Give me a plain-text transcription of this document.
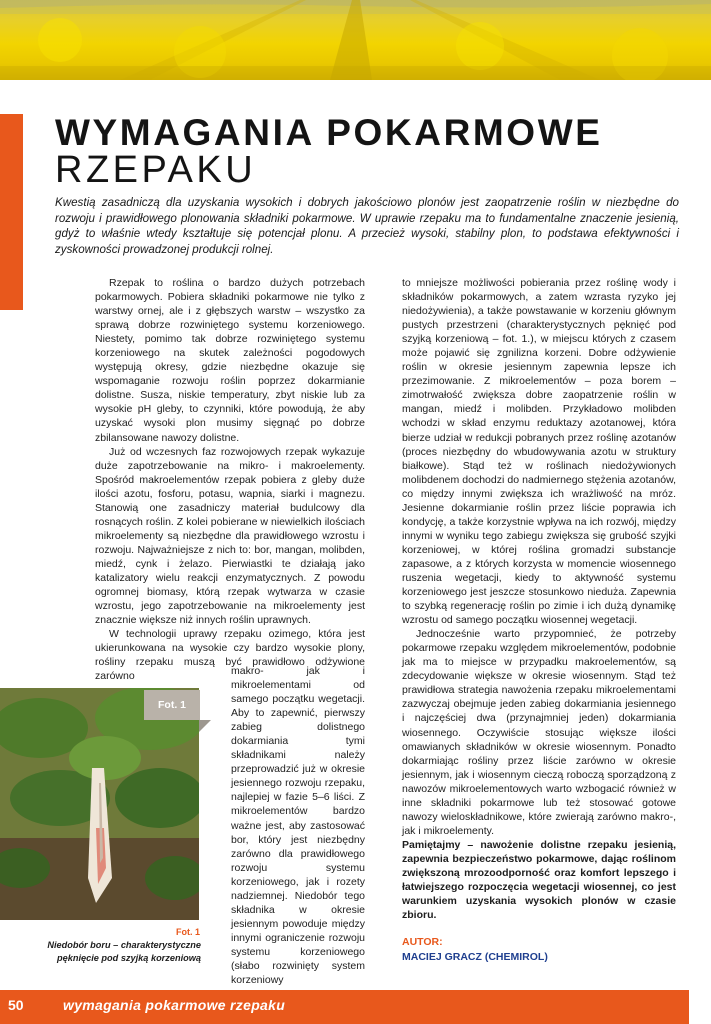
WYMAGANIA POKARMOWE
RZEPAKU

Kwestią zasadniczą dla uzyskania wysokich i dobrych jakościowo plonów jest zaopatrzenie roślin w niezbędne do rozwoju i prawidłowego plonowania składniki pokarmowe. W uprawie rzepaku ma to fundamentalne znaczenie jesienią, gdyż to właśnie wtedy kształtuje się potencjał plonu. A przecież wysoki, stabilny plon, to podstawa efektywności i zyskowności prowadzonej produkcji rolnej.

Rzepak to roślina o bardzo dużych potrzebach pokarmowych. Pobiera składniki pokarmowe nie tylko z warstwy ornej, ale i z głębszych warstw – wszystko za sprawą dobrze rozwiniętego systemu korzeniowego. Niestety, pomimo tak dobrze rozwiniętego systemu korzeniowego na skutek zależności pogodowych występują okresy, gdzie niezbędne okazuje się wspomaganie rozwoju roślin poprzez dokarmianie dolistne. Susza, niskie temperatury, zbyt niskie lub za wysokie pH gleby, to czynniki, które powodują, że aby uzyskać wysoki plon musimy sięgnąć po dobrze zbilansowane nawozy dolistne.

Już od wczesnych faz rozwojowych rzepak wykazuje duże zapotrzebowanie na mikro- i makroelementy. Spośród makroelementów rzepak pobiera z gleby duże ilości azotu, fosforu, potasu, wapnia, siarki i magnezu. Stanowią one zasadniczy materiał budulcowy dla rosnących roślin. Z kolei pobierane w niewielkich ilościach mikroelementy są niezbędne dla prawidłowego wzrostu i rozwoju. Najważniejsze z nich to: bor, mangan, molibden, miedź, cynk i żelazo. Pierwiastki te działają jako katalizatory wielu reakcji enzymatycznych. Z powodu ogromnej biomasy, którą rzepak wytwarza w czasie wzrostu, jego zapotrzebowanie na mikroelementy jest znacznie większe niż innych roślin uprawnych.

W technologii uprawy rzepaku ozimego, która jest ukierunkowana na wysokie czy bardzo wysokie plony, rośliny rzepaku muszą być prawidłowo odżywione zarówno	makro- jak i mikroelementami od samego początku wegetacji. Aby to zapewnić, pierwszy zabieg dolistnego dokarmiania tymi składnikami należy przeprowadzić już w okresie jesiennego rozwoju rzepaku, najlepiej w fazie 5–6 liści. Z mikroelementów bardzo ważne jest, aby zastosować bor, który jest niezbędny zarówno dla prawidłowego rozwoju systemu korzeniowego, jak i rozety nadziemnej. Niedobór tego składnika w okresie jesiennym powoduje między innymi ograniczenie rozwoju systemu korzeniowego (słabo rozwinięty system korzeniowy

Fot. 1
Fot. 1
Niedobór boru – charakterystyczne pęknięcie pod szyjką korzeniową

to mniejsze możliwości pobierania przez roślinę wody i składników pokarmowych, a zatem wzrasta ryzyko jej niedożywienia), a także powstawanie w korzeniu głównym pustych przestrzeni (charakterystycznych pęknięć pod szyjką korzeniową – fot. 1.), w miejscu których z czasem może pojawić się zgnilizna korzeni. Dobre odżywienie roślin w okresie jesiennym zapewnia lepsze ich przezimowanie. Z mikroelementów – poza borem – zimotrwałość zwiększa dobre zaopatrzenie roślin w mangan, miedź i molibden. Przykładowo molibden wchodzi w skład enzymu reduktazy azotanowej, która bierze udział w redukcji pobranych przez roślinę azotanów (proces niezbędny do wbudowywania azotu w struktury białkowe). Stąd też w roślinach niedożywionych molibdenem dochodzi do nadmiernego stężenia azotanów, co między innymi zwiększa ich wrażliwość na mróz. Jesienne dokarmianie roślin przez liście poprawia ich kondycję, a także korzystnie wpływa na ich rozwój, między innymi w wyniku tego zabiegu zwiększa się grubość szyjki korzeniowej, w której roślina gromadzi substancje zapasowe, a z których korzysta w momencie wiosennego ruszenia wegetacji, kiedy to aktywność systemu korzeniowego jest jeszcze stosunkowo nieduża. Zapewnia to szybką regenerację roślin po zimie i ich dużą dynamikę wzrostu od samego początku wiosennej wegetacji.

Jednocześnie warto przypomnieć, że potrzeby pokarmowe rzepaku względem mikroelementów, podobnie jak ma to miejsce w przypadku makroelementów, są zdecydowanie większe w okresie wiosennym. Stąd też prawidłowa strategia nawożenia rzepaku mikroelementami zazwyczaj obejmuje jeden zabieg dokarmiania jesiennego i najczęściej dwa (przynajmniej jeden) dokarmiania wiosennego. Oczywiście stosując większe ilości omawianych składników w okresie wiosennym. Ponadto dokarmiając rośliny przez liście zarówno w okresie jesiennym, jak i wiosennym cieczą roboczą sporządzoną z nawozów mikroelementowych warto wzbogacić również w inne składniki pokarmowe lub też stosować gotowe nawozy wieloskładnikowe, które zwierają zarówno makro-, jak i mikroelementy.

Pamiętajmy – nawożenie dolistne rzepaku jesienią, zapewnia bezpieczeństwo pokarmowe, dając roślinom zwiększoną mrozoodporność oraz komfort lepszego i łatwiejszego rozpoczęcia wegetacji wiosennej, co jest warunkiem uzyskania wysokich plonów w czasie zbioru.

AUTOR:
MACIEJ GRACZ (CHEMIROL)
50	wymagania pokarmowe rzepaku
